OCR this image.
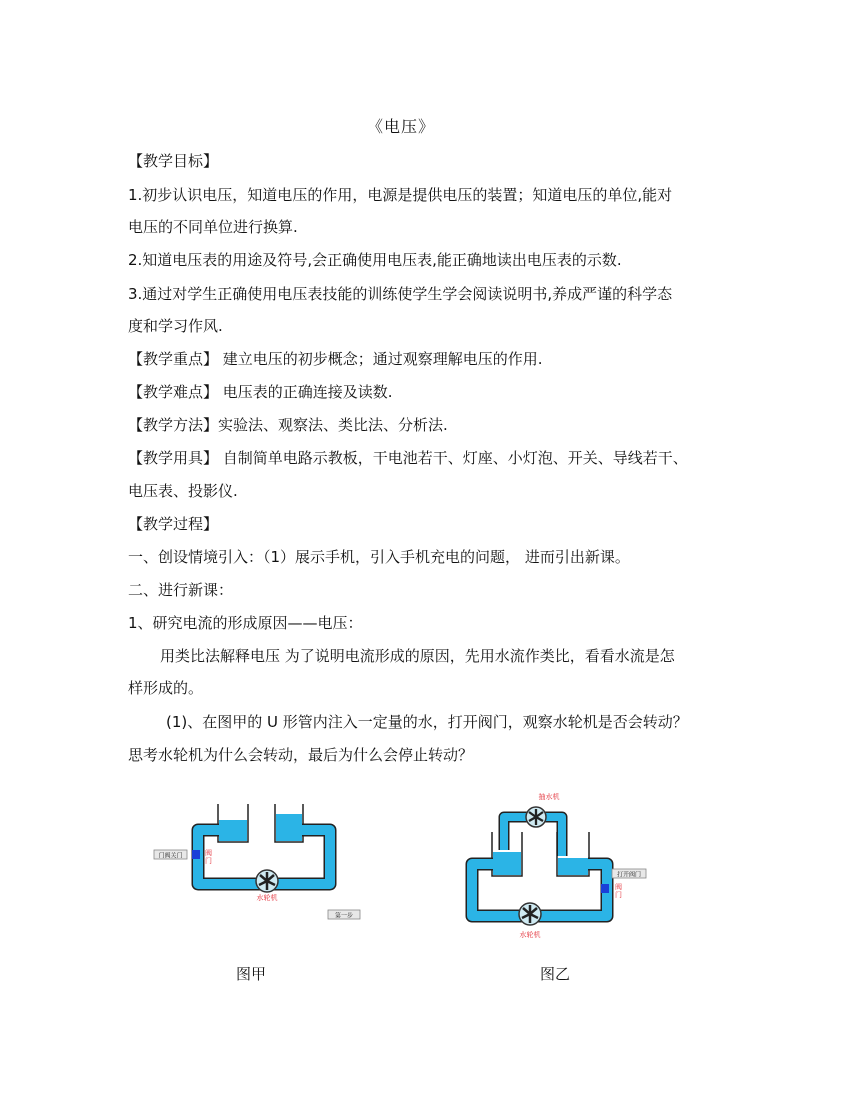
《电压》
【教学目标】
1.初步认识电压，知道电压的作用，电源是提供电压的装置；知道电压的单位,能对
电压的不同单位进行换算.
2.知道电压表的用途及符号,会正确使用电压表,能正确地读出电压表的示数.
3.通过对学生正确使用电压表技能的训练使学生学会阅读说明书,养成严谨的科学态
度和学习作风.
【教学重点】 建立电压的初步概念；通过观察理解电压的作用.
【教学难点】 电压表的正确连接及读数.
【教学方法】实验法、观察法、类比法、分析法.
【教学用具】 自制简单电路示教板，干电池若干、灯座、小灯泡、开关、导线若干、
电压表、投影仪.
【教学过程】
一、创设情境引入：（1）展示手机，引入手机充电的问题， 进而引出新课。
二、进行新课：
1、研究电流的形成原因——电压：
用类比法解释电压 为了说明电流形成的原因，先用水流作类比，看看水流是怎
样形成的。
(1)、在图甲的 U 形管内注入一定量的水，打开阀门，观察水轮机是否会转动？
思考水轮机为什么会转动，最后为什么会停止转动？
门阀关门	阀 门
水轮机
第一步
图甲
抽水机
打开阀门
阀 门
水轮机
图乙
